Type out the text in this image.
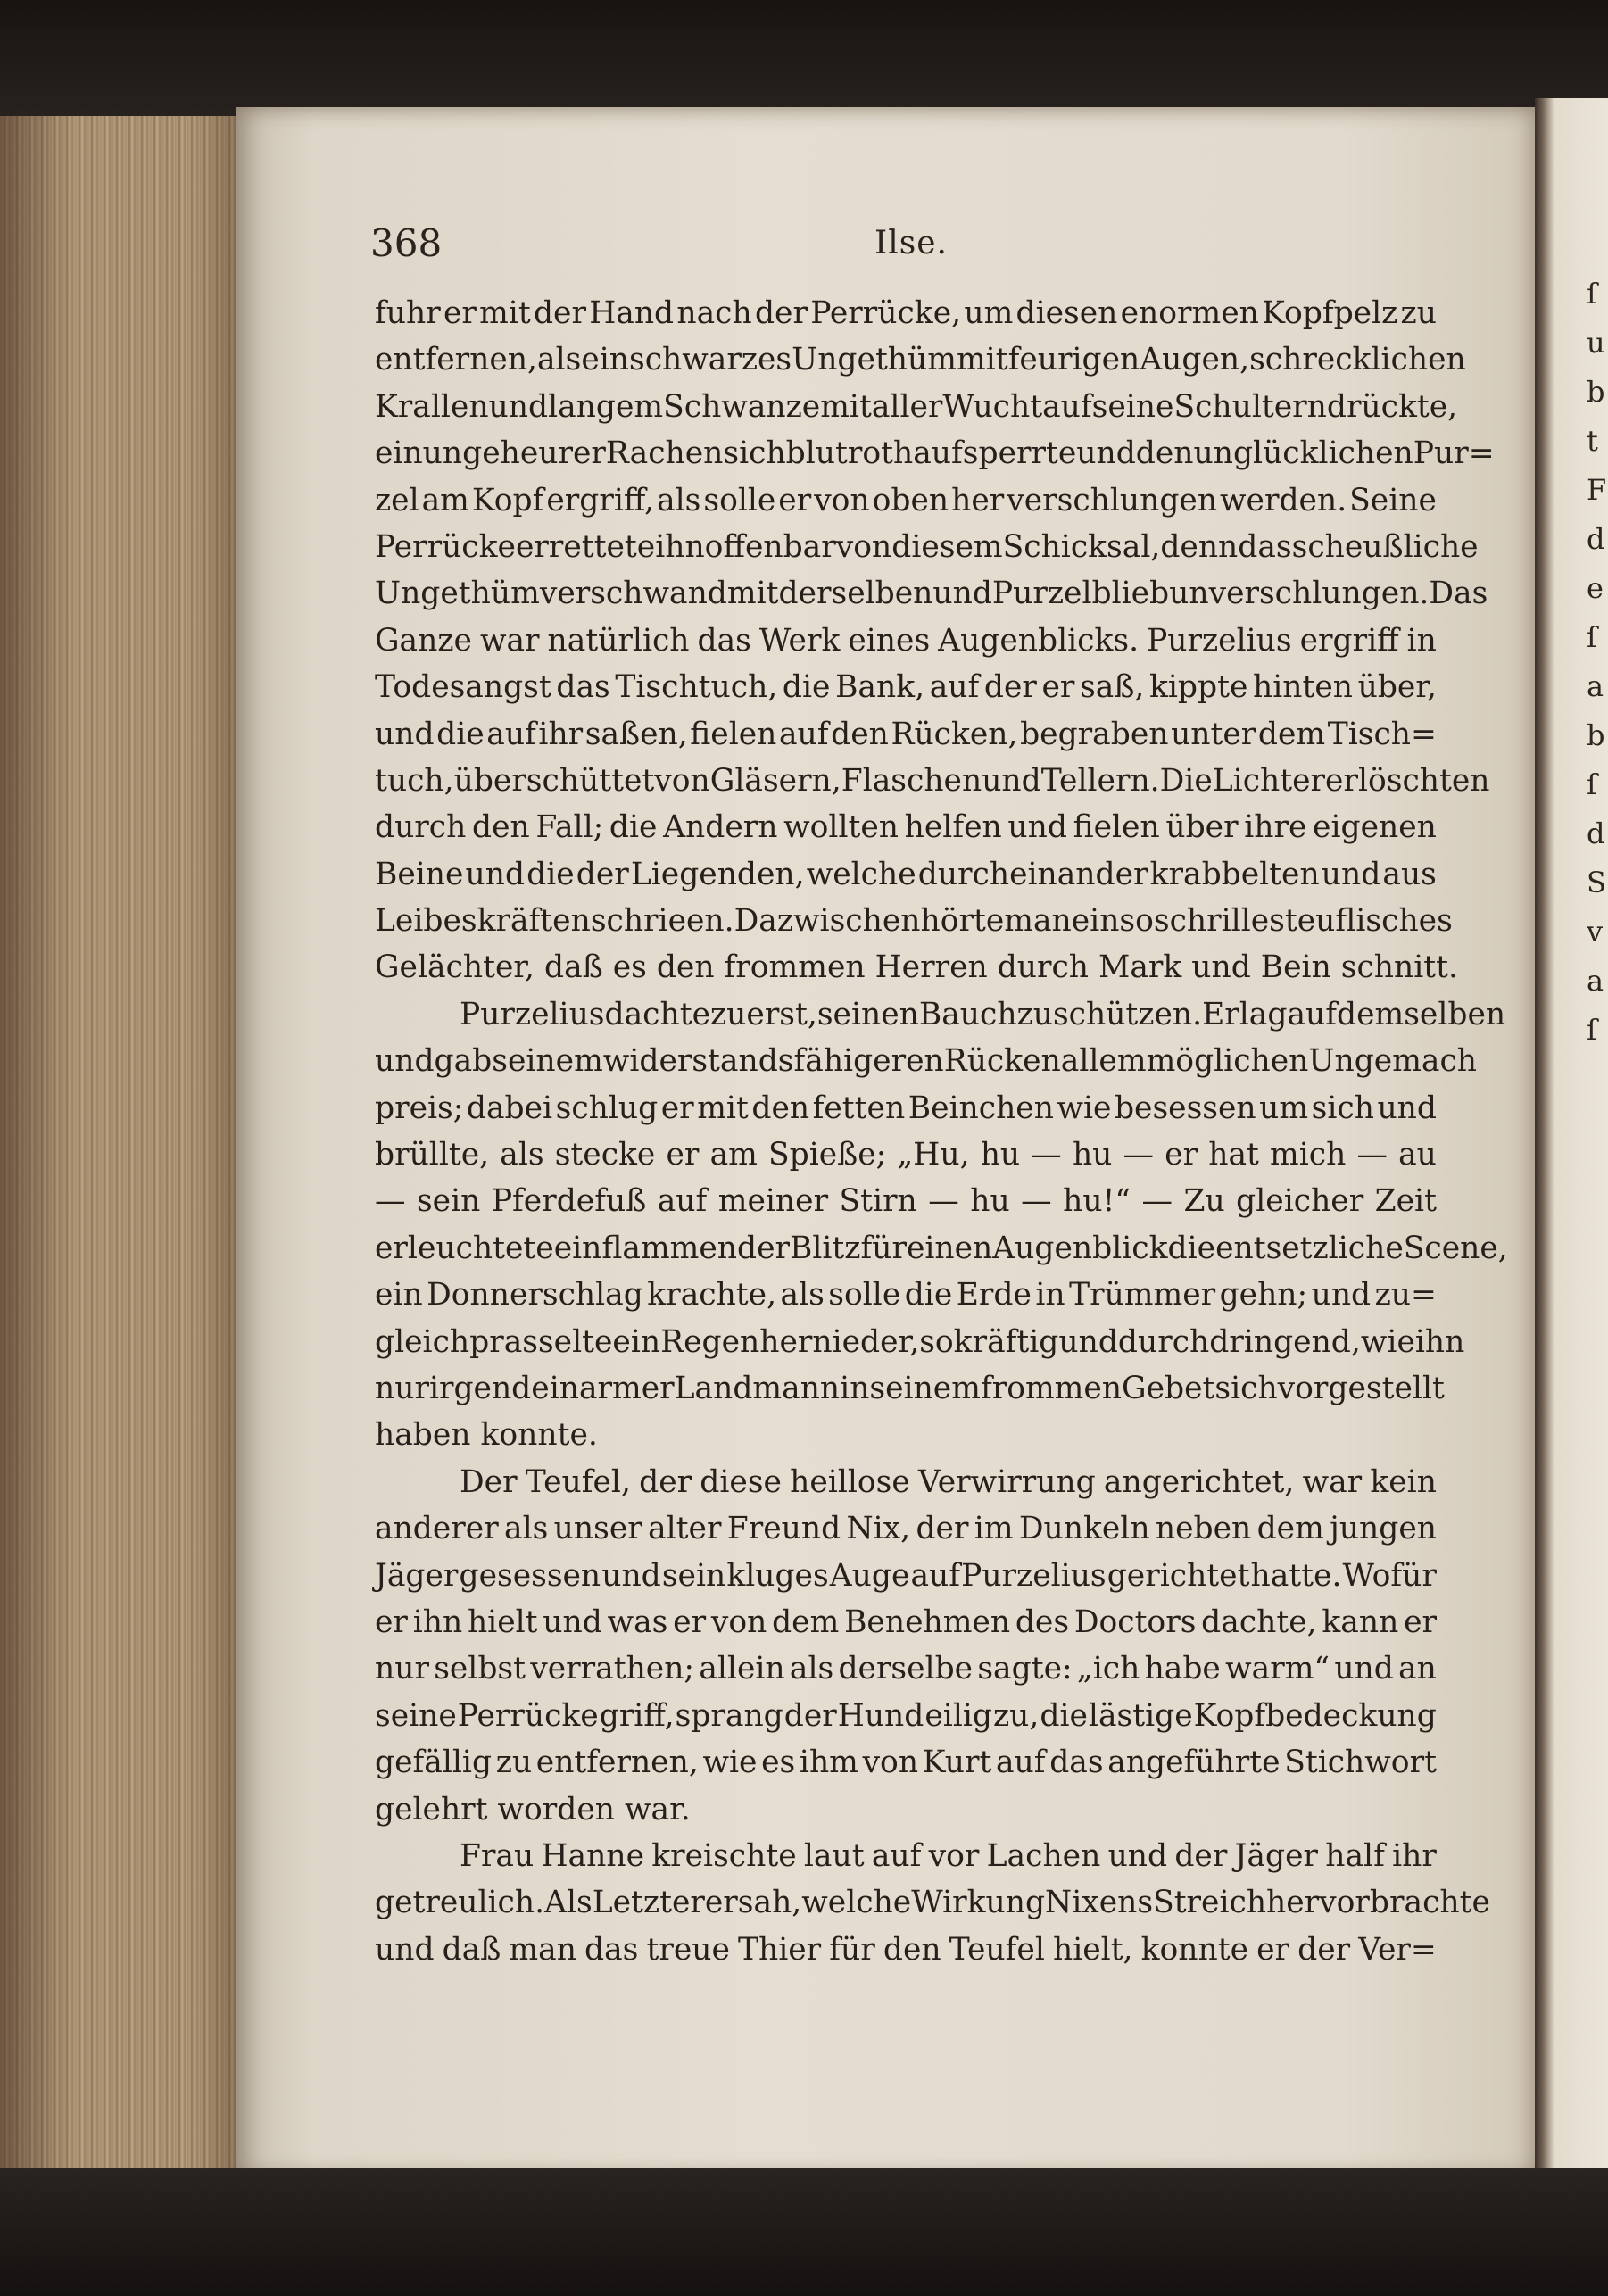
ſ
u
b
t
F
d
e
ſ
a
b
ſ
d
S
v
a
ſ
368	Ilse.
fuhr er mit der Hand nach der Perrücke, um diesen enormen Kopfpelz zu
entfernen, als ein schwarzes Ungethüm mit feurigen Augen, schrecklichen
Krallen und langem Schwanze mit aller Wucht auf seine Schultern drückte,
ein ungeheurer Rachen sich blutroth aufsperrte und den unglücklichen Pur=
zel am Kopf ergriff, als solle er von oben her verschlungen werden. Seine
Perrücke errettete ihn offenbar von diesem Schicksal, denn das scheußliche
Ungethüm verschwand mit derselben und Purzel blieb unverschlungen. Das
Ganze war natürlich das Werk eines Augenblicks. Purzelius ergriff in
Todesangst das Tischtuch, die Bank, auf der er saß, kippte hinten über,
und die auf ihr saßen, fielen auf den Rücken, begraben unter dem Tisch=
tuch, überschüttet von Gläsern, Flaschen und Tellern. Die Lichter erlöschten
durch den Fall; die Andern wollten helfen und fielen über ihre eigenen
Beine und die der Liegenden, welche durcheinander krabbelten und aus
Leibeskräften schrieen. Dazwischen hörte man ein so schrilles teuflisches
Gelächter, daß es den frommen Herren durch Mark und Bein schnitt.
Purzelius dachte zuerst, seinen Bauch zu schützen. Er lag auf demselben
und gab seinem widerstandsfähigeren Rücken allem möglichen Ungemach
preis; dabei schlug er mit den fetten Beinchen wie besessen um sich und
brüllte, als stecke er am Spieße; „Hu, hu — hu — er hat mich — au
— sein Pferdefuß auf meiner Stirn — hu — hu!“ — Zu gleicher Zeit
erleuchtete ein flammender Blitz für einen Augenblick die entsetzliche Scene,
ein Donnerschlag krachte, als solle die Erde in Trümmer gehn; und zu=
gleich prasselte ein Regen hernieder, so kräftig und durchdringend, wie ihn
nur irgend ein armer Landmann in seinem frommen Gebet sich vorgestellt
haben konnte.
Der Teufel, der diese heillose Verwirrung angerichtet, war kein
anderer als unser alter Freund Nix, der im Dunkeln neben dem jungen
Jäger gesessen und sein kluges Auge auf Purzelius gerichtet hatte. Wofür
er ihn hielt und was er von dem Benehmen des Doctors dachte, kann er
nur selbst verrathen; allein als derselbe sagte: „ich habe warm“ und an
seine Perrücke griff, sprang der Hund eilig zu, die lästige Kopfbedeckung
gefällig zu entfernen, wie es ihm von Kurt auf das angeführte Stichwort
gelehrt worden war.
Frau Hanne kreischte laut auf vor Lachen und der Jäger half ihr
getreulich. Als Letzterer sah, welche Wirkung Nixens Streich hervorbrachte
und daß man das treue Thier für den Teufel hielt, konnte er der Ver=
